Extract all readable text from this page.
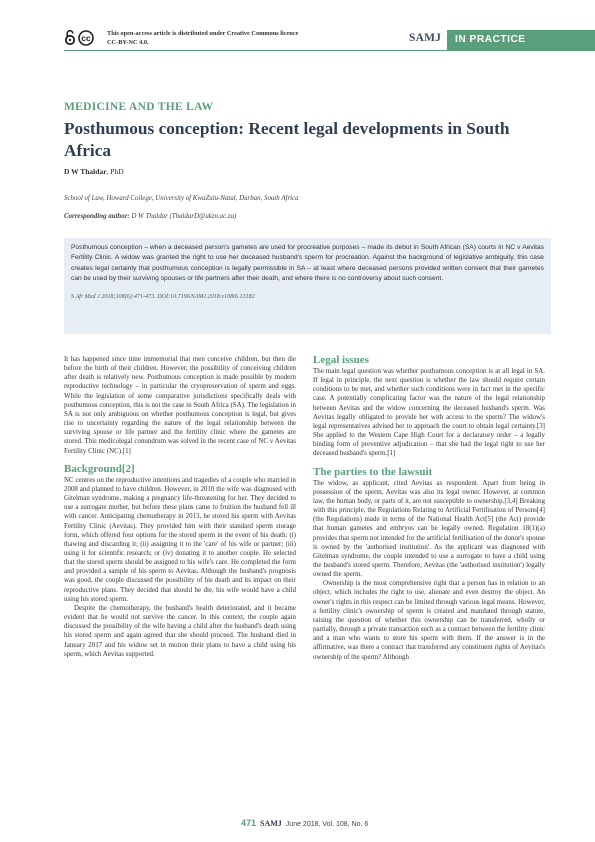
cc	This open-access article is distributed under Creative Commons licence CC-BY-NC 4.0.	SAMJ	IN PRACTICE
MEDICINE AND THE LAW
Posthumous conception: Recent legal developments in South Africa
D W Thaldar, PhD
School of Law, Howard College, University of KwaZulu-Natal, Durban, South Africa
Corresponding author: D W Thaldar (ThaldarD@ukzn.ac.za)
Posthumous conception – when a deceased person's gametes are used for procreative purposes – made its debut in South African (SA) courts in NC v Aevitas Fertility Clinic. A widow was granted the right to use her deceased husband's sperm for procreation. Against the background of legislative ambiguity, this case creates legal certainty that posthumous conception is legally permissible in SA – at least where deceased persons provided written consent that their gametes can be used by their surviving spouses or life partners after their death, and where there is no controversy about such consent.
S Afr Med J 2018;108(6):471-473. DOI:10.7196/SAMJ.2018.v108i6.13182

It has happened since time immemorial that men conceive children, but then die before the birth of their children. However, the possibility of conceiving children after death is relatively new. Posthumous conception is made possible by modern reproductive technology – in particular the cryopreservation of sperm and eggs. While the legislation of some comparative jurisdictions specifically deals with posthumous conception, this is not the case in South Africa (SA). The legislation in SA is not only ambiguous on whether posthumous conception is legal, but gives rise to uncertainty regarding the nature of the legal relationship between the surviving spouse or life partner and the fertility clinic where the gametes are stored. This medicolegal conundrum was solved in the recent case of NC v Aevitas Fertility Clinic (NC).[1]

Background[2]

NC centres on the reproductive intentions and tragedies of a couple who married in 2008 and planned to have children. However, in 2010 the wife was diagnosed with Gitelman syndrome, making a pregnancy life-threatening for her. They decided to use a surrogate mother, but before these plans came to fruition the husband fell ill with cancer. Anticipating chemotherapy in 2013, he stored his sperm with Aevitas Fertility Clinic (Aevitas). They provided him with their standard sperm storage form, which offered four options for the stored sperm in the event of his death: (i) thawing and discarding it; (ii) assigning it to the 'care' of his wife or partner; (iii) using it for scientific research; or (iv) donating it to another couple. He selected that the stored sperm should be assigned to his wife's care. He completed the form and provided a sample of his sperm to Aevitas. Although the husband's prognosis was good, the couple discussed the possibility of his death and its impact on their reproductive plans. They decided that should he die, his wife would have a child using his stored sperm.

Despite the chemotherapy, the husband's health deteriorated, and it became evident that he would not survive the cancer. In this context, the couple again discussed the possibility of the wife having a child after the husband's death using his stored sperm and again agreed that she should proceed. The husband died in January 2017 and his widow set in motion their plans to have a child using his sperm, which Aevitas supported.

Legal issues

The main legal question was whether posthumous conception is at all legal in SA. If legal in principle, the next question is whether the law should require certain conditions to be met, and whether such conditions were in fact met in the specific case. A potentially complicating factor was the nature of the legal relationship between Aevitas and the widow concerning the deceased husband's sperm. Was Aevitas legally obligated to provide her with access to the sperm? The widow's legal representatives advised her to approach the court to obtain legal certainty.[3] She applied to the Western Cape High Court for a declaratory order – a legally binding form of preventive adjudication – that she had the legal right to use her deceased husband's sperm.[1]

The parties to the lawsuit

The widow, as applicant, cited Aevitas as respondent. Apart from being in possession of the sperm, Aevitas was also its legal owner. However, at common law, the human body, or parts of it, are not susceptible to ownership.[3,4] Breaking with this principle, the Regulations Relating to Artificial Fertilisation of Persons[4] (the Regulations) made in terms of the National Health Act[5] (the Act) provide that human gametes and embryos can be legally owned. Regulation 18(1)(a) provides that sperm not intended for the artificial fertilisation of the donor's spouse is owned by the 'authorised institution'. As the applicant was diagnosed with Gitelman syndrome, the couple intended to use a surrogate to have a child using the husband's stored sperm. Therefore, Aevitas (the 'authorised institution') legally owned the sperm.

Ownership is the most comprehensive right that a person has in relation to an object, which includes the right to use, alienate and even destroy the object. An owner's rights in this respect can be limited through various legal means. However, a fertility clinic's ownership of sperm is created and mandated through statute, raising the question of whether this ownership can be transferred, wholly or partially, through a private transaction such as a contract between the fertility clinic and a man who wants to store his sperm with them. If the answer is in the affirmative, was there a contract that transferred any constituent rights of Aevitas's ownership of the sperm? Although

471 SAMJ June 2018, Vol. 108, No. 6
